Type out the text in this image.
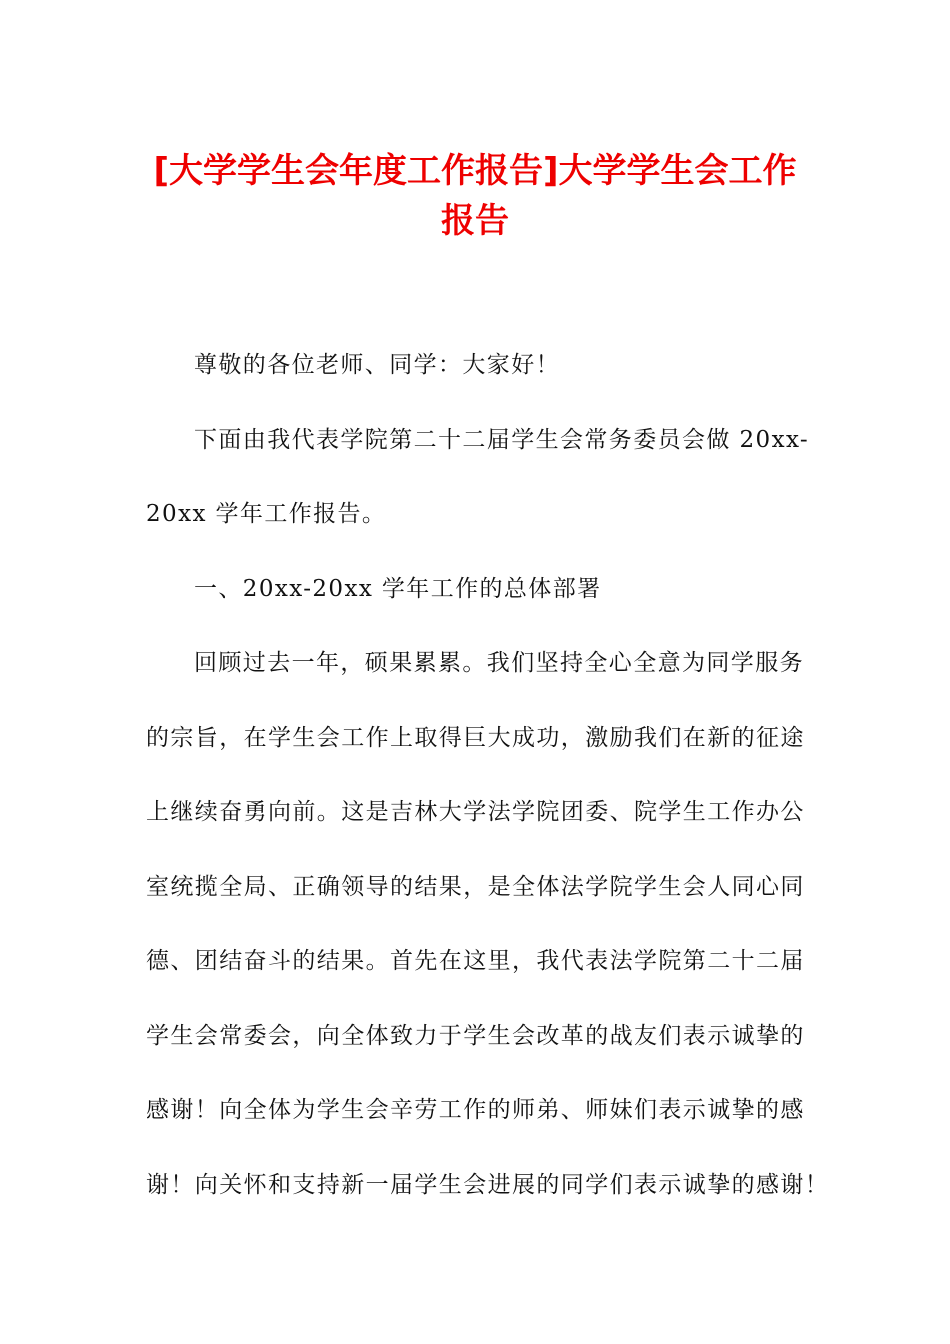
[大学学生会年度工作报告]大学学生会工作
报告
尊敬的各位老师、同学：大家好！
下面由我代表学院第二十二届学生会常务委员会做 20xx-
20xx 学年工作报告。
一、20xx-20xx 学年工作的总体部署
回顾过去一年，硕果累累。我们坚持全心全意为同学服务
的宗旨，在学生会工作上取得巨大成功，激励我们在新的征途
上继续奋勇向前。这是吉林大学法学院团委、院学生工作办公
室统揽全局、正确领导的结果，是全体法学院学生会人同心同
德、团结奋斗的结果。首先在这里，我代表法学院第二十二届
学生会常委会，向全体致力于学生会改革的战友们表示诚挚的
感谢！向全体为学生会辛劳工作的师弟、师妹们表示诚挚的感
谢！向关怀和支持新一届学生会进展的同学们表示诚挚的感谢！
